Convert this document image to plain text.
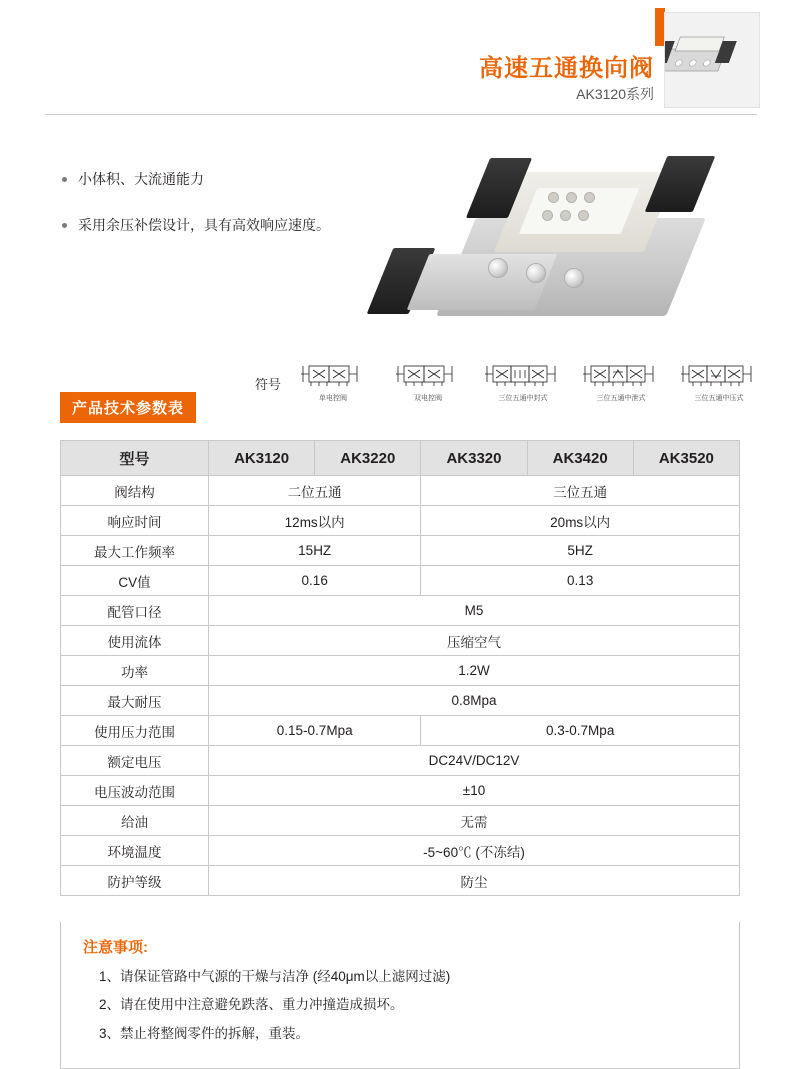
高速五通换向阀
AK3120系列
小体积、大流通能力
采用余压补偿设计，具有高效响应速度。
符号
单电控阀	双电控阀	三位五通中封式	三位五通中泄式	三位五通中压式
产品技术参数表
型号	AK3120	AK3220	AK3320	AK3420	AK3520
阀结构	二位五通		三位五通		
响应时间	12ms以内		20ms以内		
最大工作频率	15HZ		5HZ		
CV值	0.16		0.13		
配管口径	M5				
使用流体	压缩空气				
功率	1.2W				
最大耐压	0.8Mpa				
使用压力范围	0.15-0.7Mpa		0.3-0.7Mpa		
额定电压	DC24V/DC12V				
电压波动范围	±10				
给油	无需				
环境温度	-5~60℃ (不冻结)				
防护等级	防尘				
注意事项:
1、请保证管路中气源的干燥与洁净 (经40μm以上滤网过滤)
2、请在使用中注意避免跌落、重力冲撞造成损坏。
3、禁止将整阀零件的拆解，重装。
